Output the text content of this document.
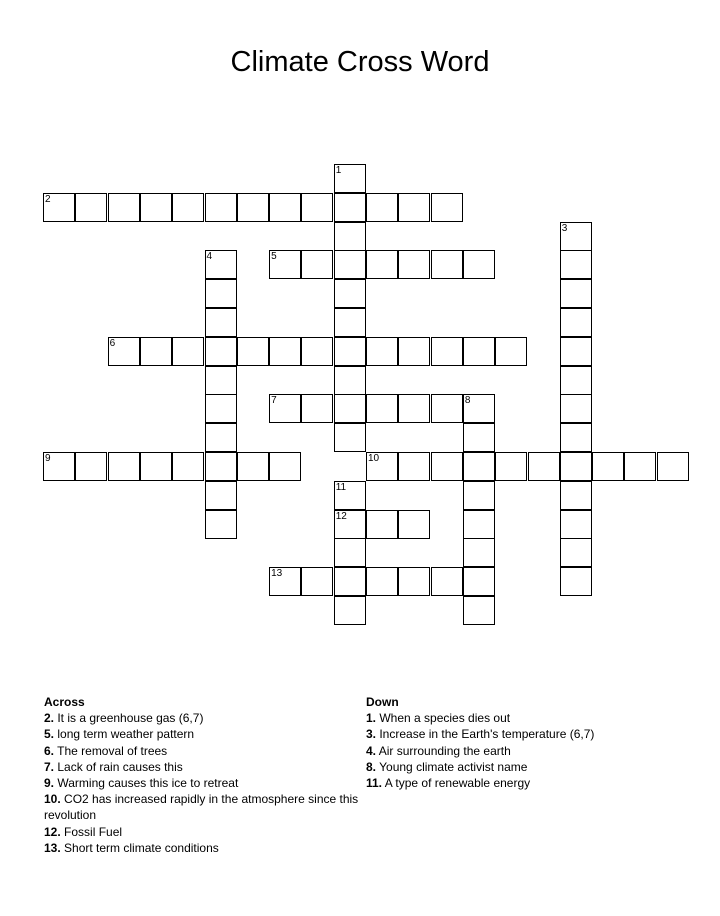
Climate Cross Word
1
2
3
4	5
6
7	8
9	10
11
12
13
Across
2. It is a greenhouse gas (6,7)
5. long term weather pattern
6. The removal of trees
7. Lack of rain causes this
9. Warming causes this ice to retreat
10. CO2 has increased rapidly in the atmosphere since this revolution
12. Fossil Fuel
13. Short term climate conditions
Down
1. When a species dies out
3. Increase in the Earth's temperature (6,7)
4. Air surrounding the earth
8. Young climate activist name
11. A type of renewable energy
